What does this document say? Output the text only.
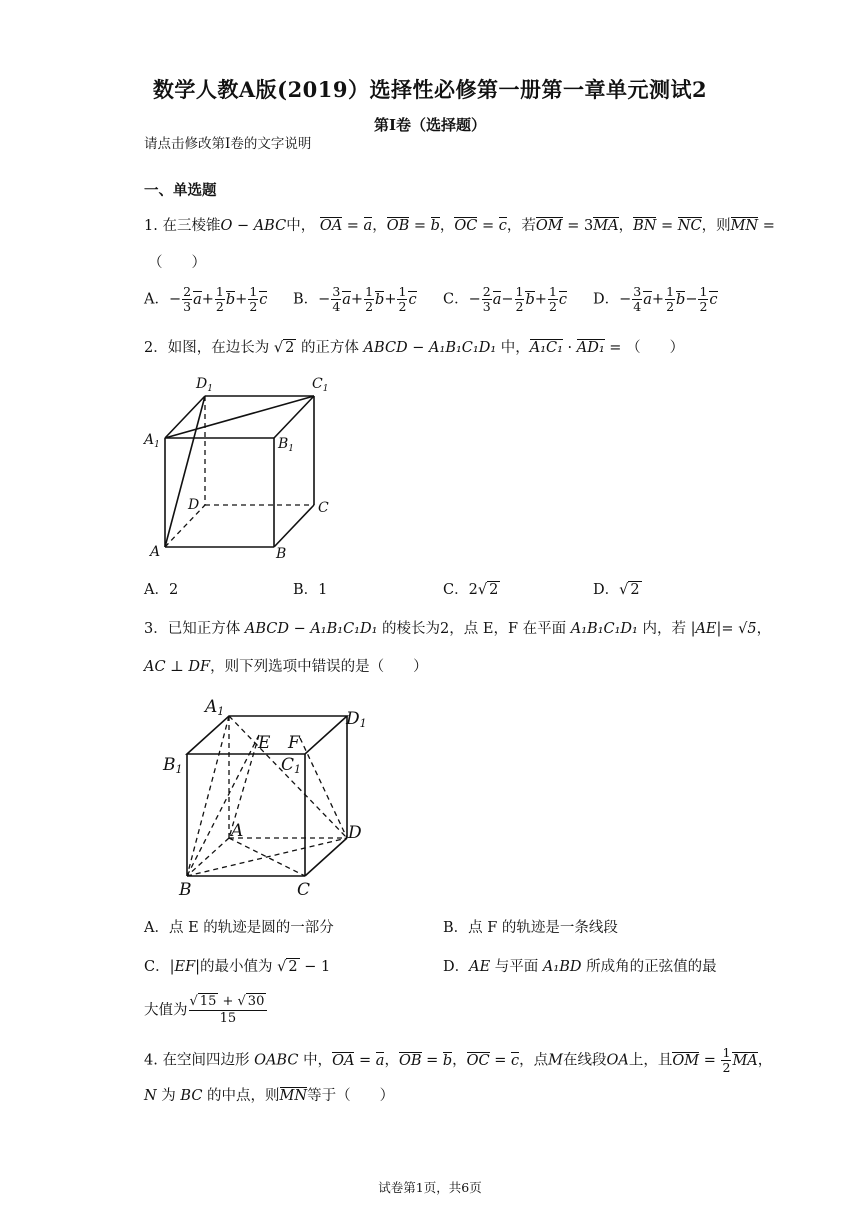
数学人教A版(2019）选择性必修第一册第一章单元测试2
第I卷（选择题）
请点击修改第I卷的文字说明
一、单选题
1. 在三棱锥O − ABC中， OA = a，OB = b，OC = c，若OM = 3MA，BN = NC，则MN =
（　　）
A．− $\frac{2}{3} a+ \frac{1}{2} b+ \frac{1}{2}$ c B．− $\frac{3}{4} a+ \frac{1}{2} b+ \frac{1}{2}$ c C．− $\frac{2}{3} a- \frac{1}{2} b+ \frac{1}{2}$ c D．− $\frac{3}{4} a+ \frac{1}{2} b- \frac{1}{2}$ c
2．如图，在边长为 √ 2 的正方体 ABCD − A₁B₁C₁D₁ 中，A₁C₁ · AD₁ = （　　）
$D_1$	$C_1$
$A_1$	$B_1$
D	C
A	B
A．2	B．1	C．2√ 2	D．√ 2
3．已知正方体 ABCD − A₁B₁C₁D₁ 的棱长为2，点 E，F 在平面 A₁B₁C₁D₁ 内，若 |AE|= √5，
AC ⊥ DF，则下列选项中错误的是（　　）
A1
E F
D1
B1	C1
A	D
B	C
A．点 E 的轨迹是圆的一部分	B．点 F 的轨迹是一条线段
C．|EF|的最小值为 √ 2 − 1	D．AE 与平面 A₁BD 所成角的正弦值的最
大值为 $\frac{√ 15 + √ 30}{15}$
4. 在空间四边形 OABC 中，OA = a，OB = b，OC = c，点M在线段OA上，且OM = $\frac{1}{2}$ MA，
N 为 BC 的中点，则MN等于（　　）
试卷第1页，共6页
